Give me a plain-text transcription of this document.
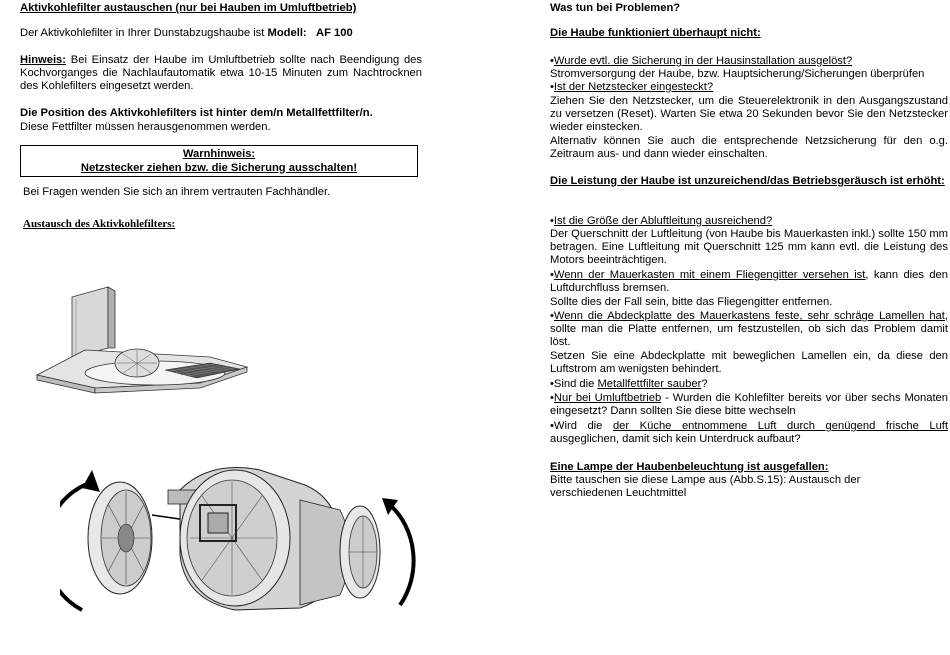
Aktivkohlefilter austauschen (nur bei Hauben im Umluftbetrieb)

Der Aktivkohlefilter in Ihrer Dunstabzugshaube ist Modell: AF 100

Hinweis: Bei Einsatz der Haube im Umluftbetrieb sollte nach Beendigung des Kochvorganges die Nachlaufautomatik etwa 10-15 Minuten zum Nachtrocknen des Kohlefilters eingesetzt werden.

Die Position des Aktivkohlefilters ist hinter dem/n Metallfettfilter/n.

Diese Fettfilter müssen herausgenommen werden.

Warnhinweis:

Netzstecker ziehen bzw. die Sicherung ausschalten!

Bei Fragen wenden Sie sich an ihrem vertrauten Fachhändler.

Austausch des Aktivkohlefilters:

Was tun bei Problemen?

Die Haube funktioniert überhaupt nicht:

•Wurde evtl. die Sicherung in der Hausinstallation ausgelöst?

Stromversorgung der Haube, bzw. Hauptsicherung/Sicherungen überprüfen

•Ist der Netzstecker eingesteckt?

Ziehen Sie den Netzstecker, um die Steuerelektronik in den Ausgangszustand zu versetzen (Reset). Warten Sie etwa 20 Sekunden bevor Sie den Netzstecker wieder einstecken.

Alternativ können Sie auch die entsprechende Netzsicherung für den o.g. Zeitraum aus- und dann wieder einschalten.

Die Leistung der Haube ist unzureichend/das Betriebsgeräusch ist erhöht:

•Ist die Größe der Abluftleitung ausreichend?

Der Querschnitt der Luftleitung (von Haube bis Mauerkasten inkl.) sollte 150 mm betragen. Eine Luftleitung mit Querschnitt 125 mm kann evtl. die Leistung des Motors beeinträchtigen.

•Wenn der Mauerkasten mit einem Fliegengitter versehen ist, kann dies den Luftdurchfluss bremsen.

Sollte dies der Fall sein, bitte das Fliegengitter entfernen.

•Wenn die Abdeckplatte des Mauerkastens feste, sehr schräge Lamellen hat, sollte man die Platte entfernen, um festzustellen, ob sich das Problem damit löst.

Setzen Sie eine Abdeckplatte mit beweglichen Lamellen ein, da diese den Luftstrom am wenigsten behindert.

•Sind die Metallfettfilter sauber?

•Nur bei Umluftbetrieb - Wurden die Kohlefilter bereits vor über sechs Monaten eingesetzt? Dann sollten Sie diese bitte wechseln

•Wird die der Küche entnommene Luft durch genügend frische Luft ausgeglichen, damit sich kein Unterdruck aufbaut?

Eine Lampe der Haubenbeleuchtung ist ausgefallen:

Bitte tauschen sie diese Lampe aus (Abb.S.15): Austausch der verschiedenen Leuchtmittel
